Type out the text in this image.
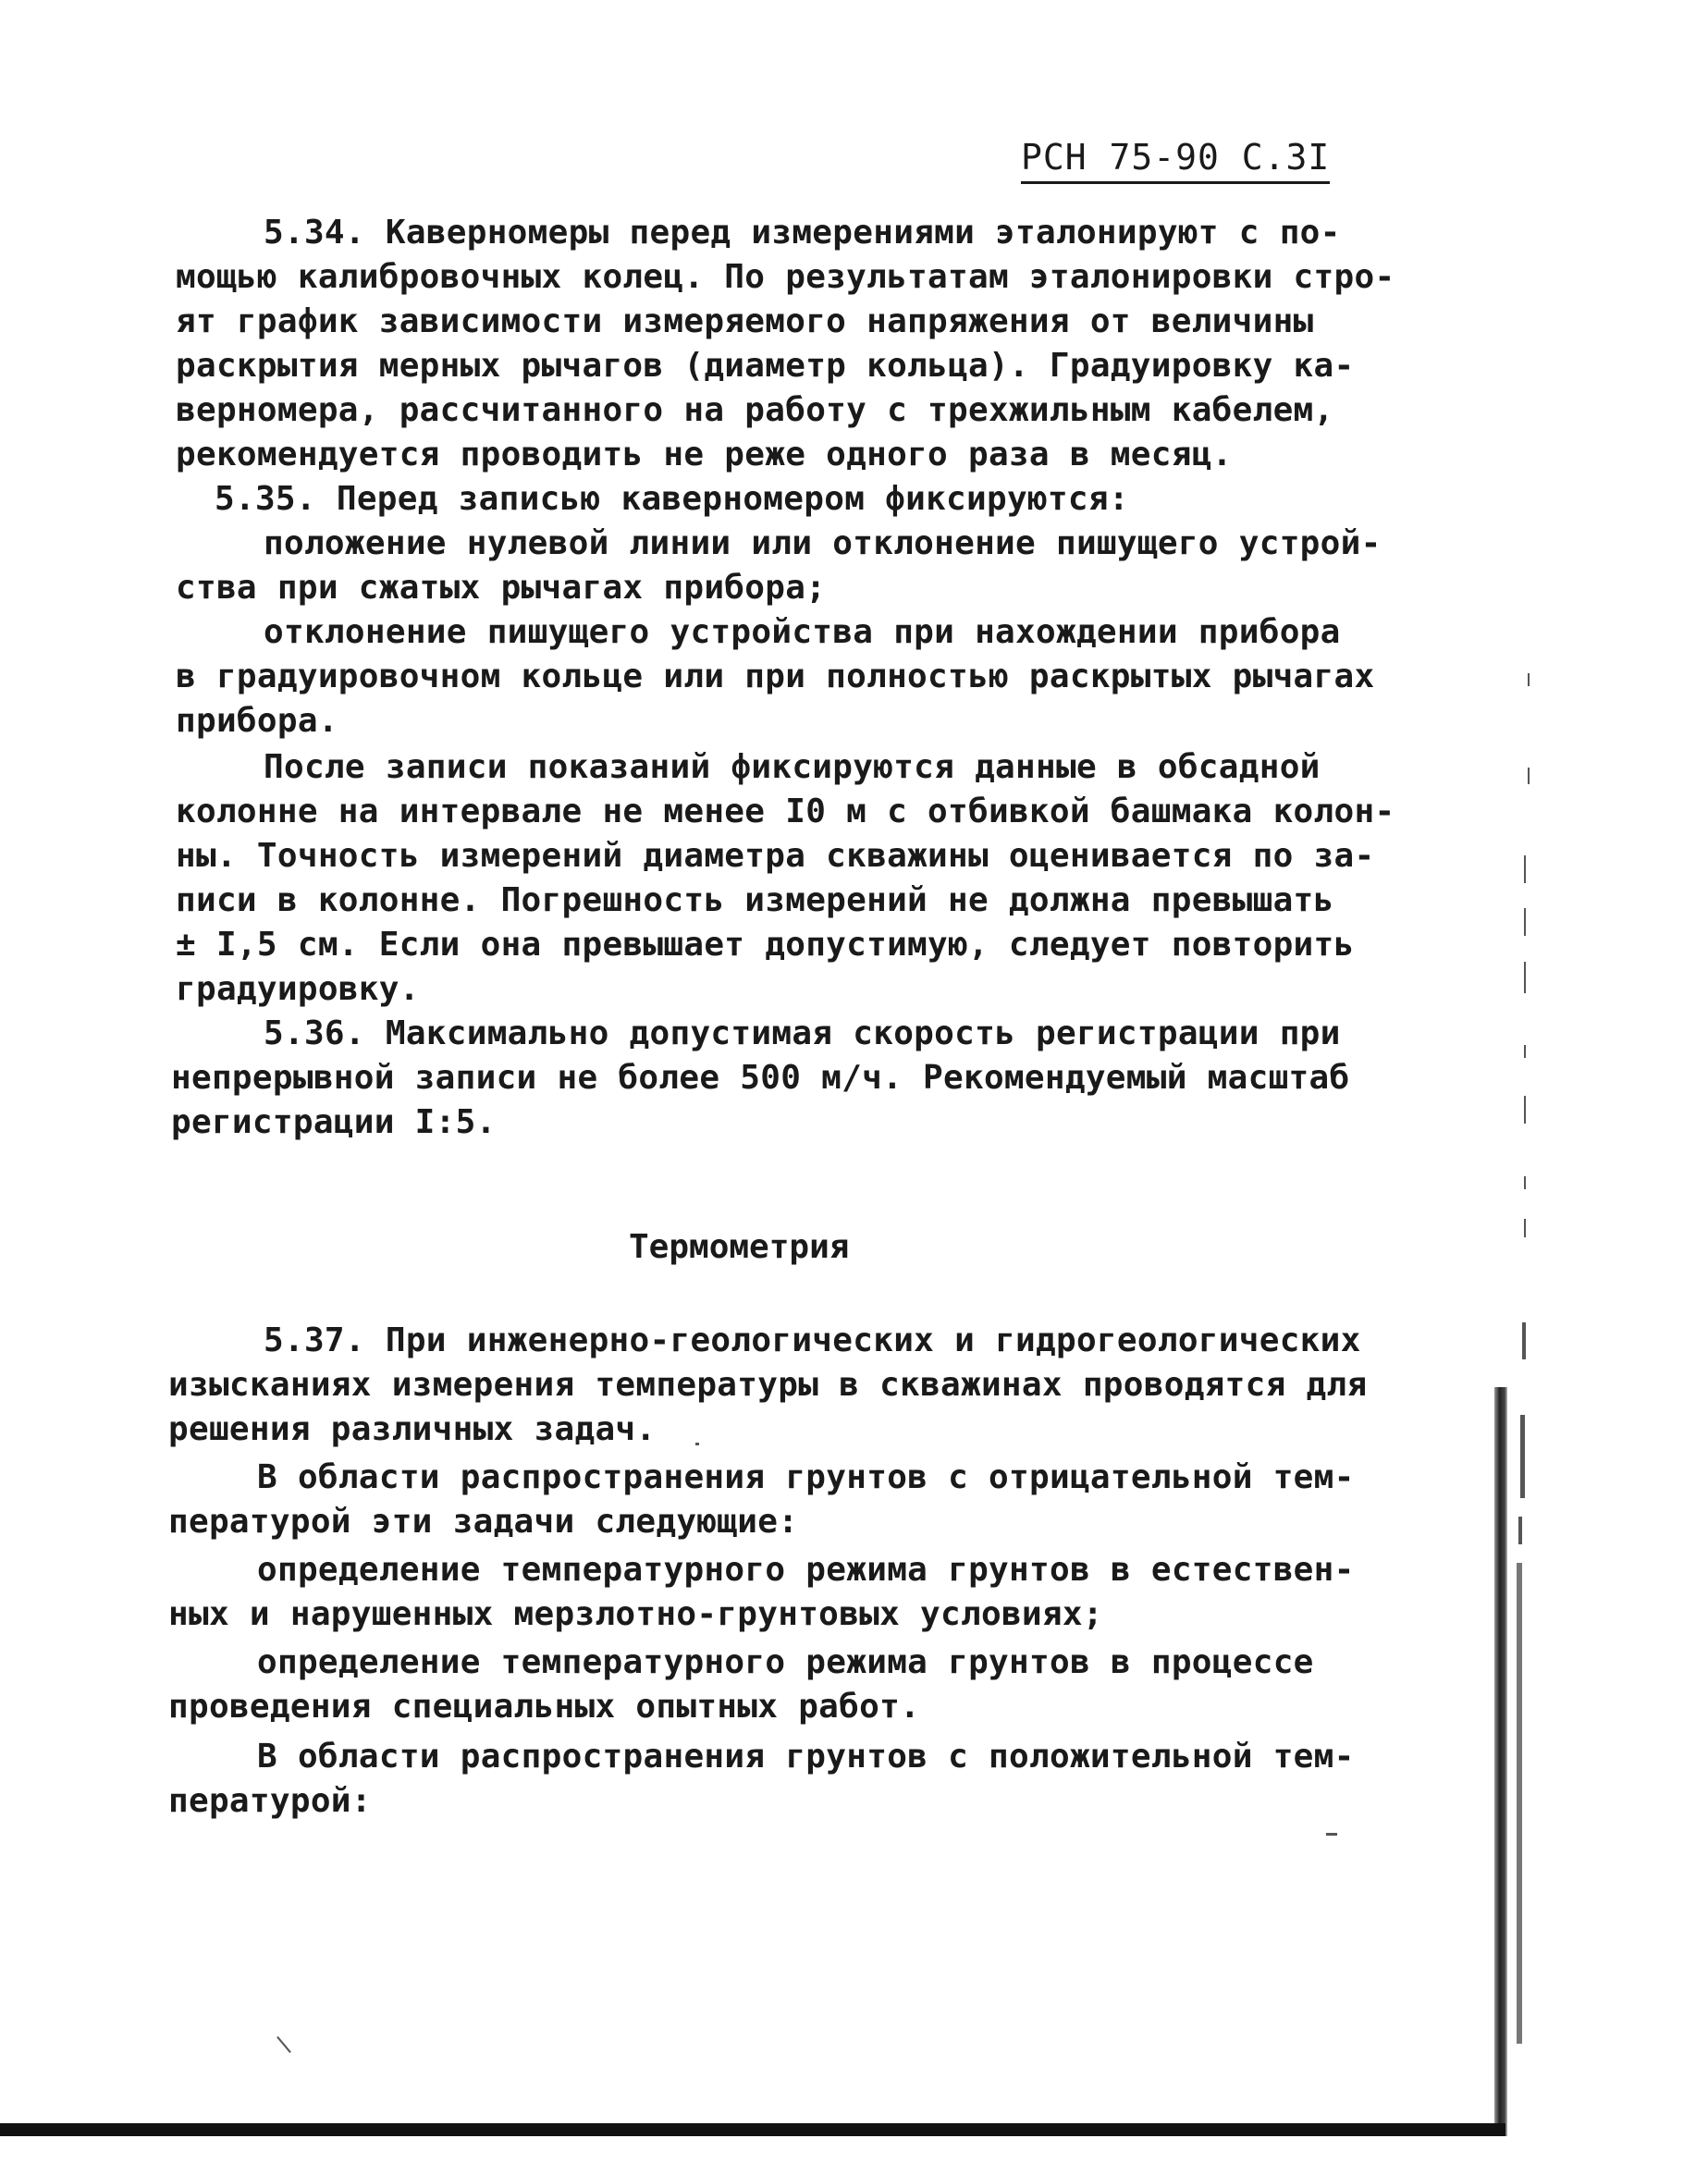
РСН 75-90 С.3I
5.34. Каверномеры перед измерениями эталонируют с по-
мощью калибровочных колец. По результатам эталонировки стро-
ят график зависимости измеряемого напряжения от величины
раскрытия мерных рычагов (диаметр кольца). Градуировку ка-
верномера, рассчитанного на работу с трехжильным кабелем,
рекомендуется проводить не реже одного раза в месяц.
5.35. Перед записью каверномером фиксируются:
положение нулевой линии или отклонение пишущего устрой-
ства при сжатых рычагах прибора;
отклонение пишущего устройства при нахождении прибора
в градуировочном кольце или при полностью раскрытых рычагах
прибора.
После записи показаний фиксируются данные в обсадной
колонне на интервале не менее I0 м с отбивкой башмака колон-
ны. Точность измерений диаметра скважины оценивается по за-
писи в колонне. Погрешность измерений не должна превышать
± I,5 см. Если она превышает допустимую, следует повторить
градуировку.
5.36. Максимально допустимая скорость регистрации при
непрерывной записи не более 500 м/ч. Рекомендуемый масштаб
регистрации I:5.
Термометрия
5.37. При инженерно-геологических и гидрогеологических
изысканиях измерения температуры в скважинах проводятся для
решения различных задач.
В области распространения грунтов с отрицательной тем-
пературой эти задачи следующие:
определение температурного режима грунтов в естествен-
ных и нарушенных мерзлотно-грунтовых условиях;
определение температурного режима грунтов в процессе
проведения специальных опытных работ.
В области распространения грунтов с положительной тем-
пературой:
